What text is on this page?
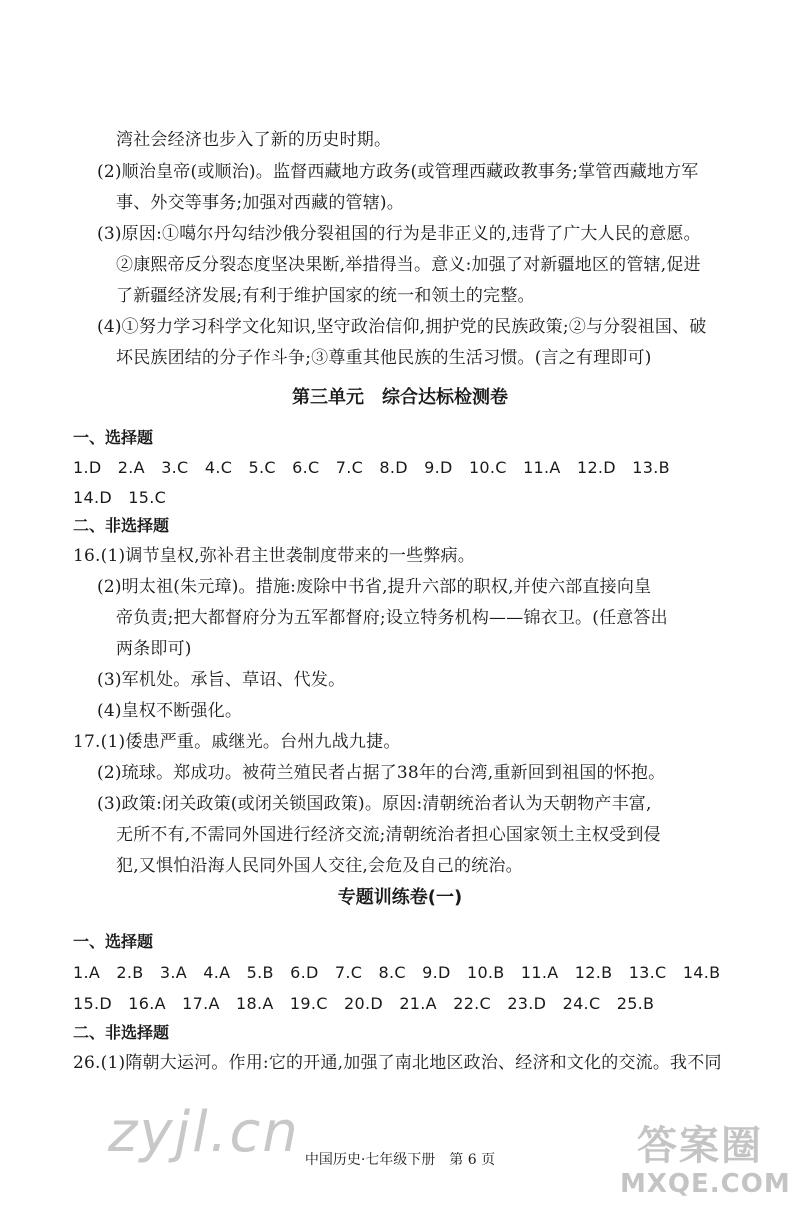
湾社会经济也步入了新的历史时期。
(2)顺治皇帝(或顺治)。监督西藏地方政务(或管理西藏政教事务;掌管西藏地方军
事、外交等事务;加强对西藏的管辖)。
(3)原因:①噶尔丹勾结沙俄分裂祖国的行为是非正义的,违背了广大人民的意愿。
②康熙帝反分裂态度坚决果断,举措得当。意义:加强了对新疆地区的管辖,促进
了新疆经济发展;有利于维护国家的统一和领土的完整。
(4)①努力学习科学文化知识,坚守政治信仰,拥护党的民族政策;②与分裂祖国、破
坏民族团结的分子作斗争;③尊重其他民族的生活习惯。(言之有理即可)
第三单元　综合达标检测卷
一、选择题
1.D　2.A　3.C　4.C　5.C　6.C　7.C　8.D　9.D　10.C　11.A　12.D　13.B
14.D　15.C
二、非选择题
16.(1)调节皇权,弥补君主世袭制度带来的一些弊病。
(2)明太祖(朱元璋)。措施:废除中书省,提升六部的职权,并使六部直接向皇
帝负责;把大都督府分为五军都督府;设立特务机构——锦衣卫。(任意答出
两条即可)
(3)军机处。承旨、草诏、代发。
(4)皇权不断强化。
17.(1)倭患严重。戚继光。台州九战九捷。
(2)琉球。郑成功。被荷兰殖民者占据了38年的台湾,重新回到祖国的怀抱。
(3)政策:闭关政策(或闭关锁国政策)。原因:清朝统治者认为天朝物产丰富,
无所不有,不需同外国进行经济交流;清朝统治者担心国家领土主权受到侵
犯,又惧怕沿海人民同外国人交往,会危及自己的统治。
专题训练卷(一)
一、选择题
1.A　2.B　3.A　4.A　5.B　6.D　7.C　8.C　9.D　10.B　11.A　12.B　13.C　14.B
15.D　16.A　17.A　18.A　19.C　20.D　21.A　22.C　23.D　24.C　25.B
二、非选择题
26.(1)隋朝大运河。作用:它的开通,加强了南北地区政治、经济和文化的交流。我不同
zyjl.cn	答案圈
MXQE.COM
中国历史·七年级下册　第 6 页
